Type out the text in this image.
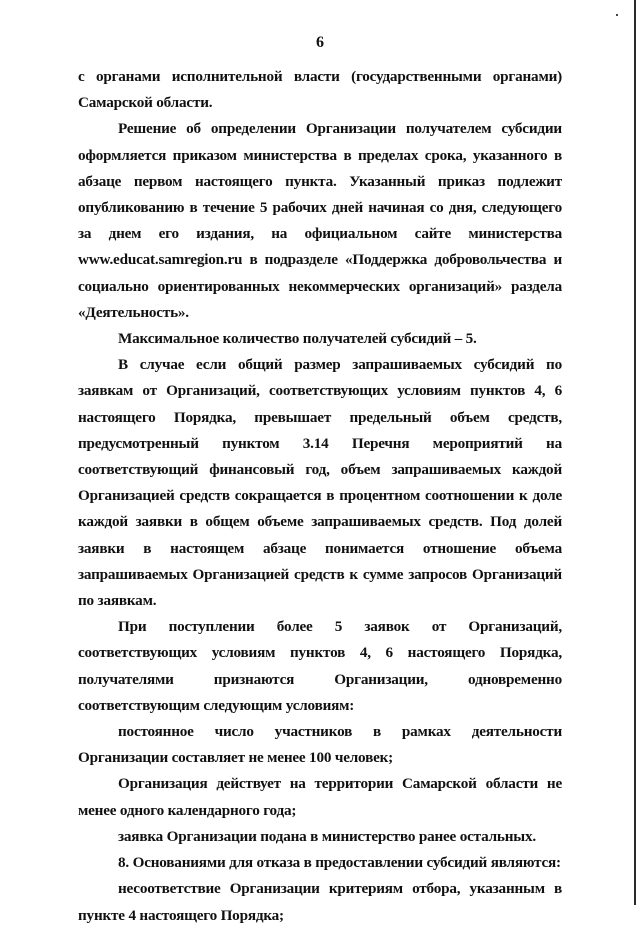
6

с органами исполнительной власти (государственными органами) Самарской области.

Решение об определении Организации получателем субсидии оформляется приказом министерства в пределах срока, указанного в абзаце первом настоящего пункта. Указанный приказ подлежит опубликованию в течение 5 рабочих дней начиная со дня, следующего за днем его издания, на официальном сайте министерства www.educat.samregion.ru в подразделе «Поддержка добровольчества и социально ориентированных некоммерческих организаций» раздела «Деятельность».

Максимальное количество получателей субсидий – 5.

В случае если общий размер запрашиваемых субсидий по заявкам от Организаций, соответствующих условиям пунктов 4, 6 настоящего Порядка, превышает предельный объем средств, предусмотренный пунктом 3.14 Перечня мероприятий на соответствующий финансовый год, объем запрашиваемых каждой Организацией средств сокращается в процентном соотношении к доле каждой заявки в общем объеме запрашиваемых средств. Под долей заявки в настоящем абзаце понимается отношение объема запрашиваемых Организацией средств к сумме запросов Организаций по заявкам.

При поступлении более 5 заявок от Организаций, соответствующих условиям пунктов 4, 6 настоящего Порядка, получателями признаются Организации, одновременно соответствующим следующим условиям:

постоянное число участников в рамках деятельности Организации составляет не менее 100 человек;

Организация действует на территории Самарской области не менее одного календарного года;

заявка Организации подана в министерство ранее остальных.

8. Основаниями для отказа в предоставлении субсидий являются:

несоответствие Организации критериям отбора, указанным в пункте 4 настоящего Порядка;
